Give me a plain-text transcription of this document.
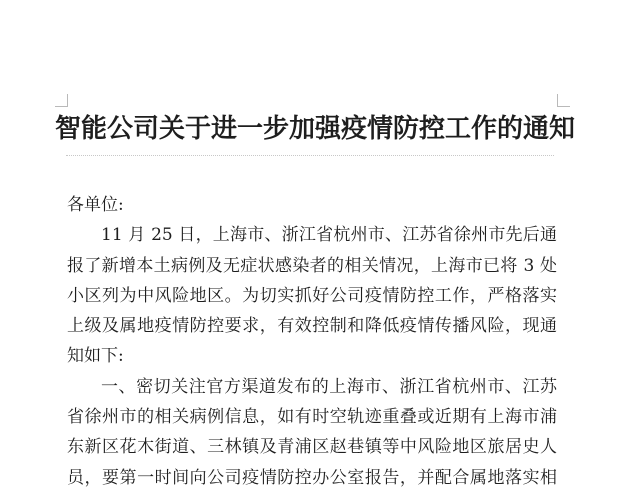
智能公司关于进一步加强疫情防控工作的通知
各单位:
11 月 25 日，上海市、浙江省杭州市、江苏省徐州市先后通
报了新增本土病例及无症状感染者的相关情况，上海市已将 3 处
小区列为中风险地区。为切实抓好公司疫情防控工作，严格落实
上级及属地疫情防控要求，有效控制和降低疫情传播风险，现通
知如下:
一、密切关注官方渠道发布的上海市、浙江省杭州市、江苏
省徐州市的相关病例信息，如有时空轨迹重叠或近期有上海市浦
东新区花木街道、三林镇及青浦区赵巷镇等中风险地区旅居史人
员，要第一时间向公司疫情防控办公室报告，并配合属地落实相
